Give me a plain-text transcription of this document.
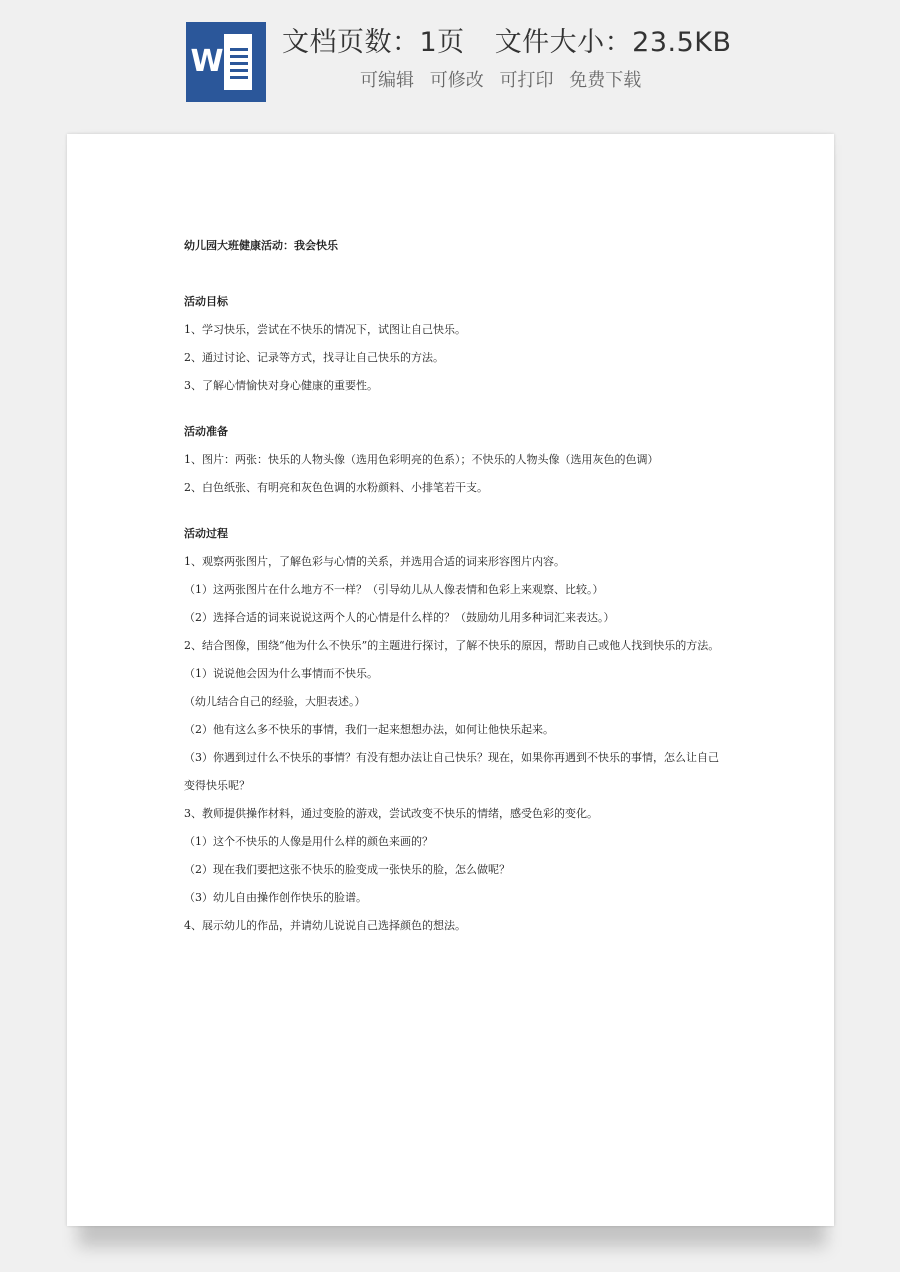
W
文档页数：1页 文件大小：23.5KB
可编辑 可修改 可打印 免费下载
幼儿园大班健康活动：我会快乐
活动目标
1、学习快乐，尝试在不快乐的情况下，试图让自己快乐。
2、通过讨论、记录等方式，找寻让自己快乐的方法。
3、了解心情愉快对身心健康的重要性。
活动准备
1、图片：两张：快乐的人物头像（选用色彩明亮的色系）；不快乐的人物头像（选用灰色的色调）
2、白色纸张、有明亮和灰色色调的水粉颜料、小排笔若干支。
活动过程
1、观察两张图片，了解色彩与心情的关系，并选用合适的词来形容图片内容。
（1）这两张图片在什么地方不一样？（引导幼儿从人像表情和色彩上来观察、比较。）
（2）选择合适的词来说说这两个人的心情是什么样的？（鼓励幼儿用多种词汇来表达。）
2、结合图像，围绕“他为什么不快乐”的主题进行探讨，了解不快乐的原因，帮助自己或他人找到快乐的方法。
（1）说说他会因为什么事情而不快乐。
（幼儿结合自己的经验，大胆表述。）
（2）他有这么多不快乐的事情，我们一起来想想办法，如何让他快乐起来。
（3）你遇到过什么不快乐的事情？有没有想办法让自己快乐？现在，如果你再遇到不快乐的事情，怎么让自己变得快乐呢？
3、教师提供操作材料，通过变脸的游戏，尝试改变不快乐的情绪，感受色彩的变化。
（1）这个不快乐的人像是用什么样的颜色来画的？
（2）现在我们要把这张不快乐的脸变成一张快乐的脸，怎么做呢？
（3）幼儿自由操作创作快乐的脸谱。
4、展示幼儿的作品，并请幼儿说说自己选择颜色的想法。
